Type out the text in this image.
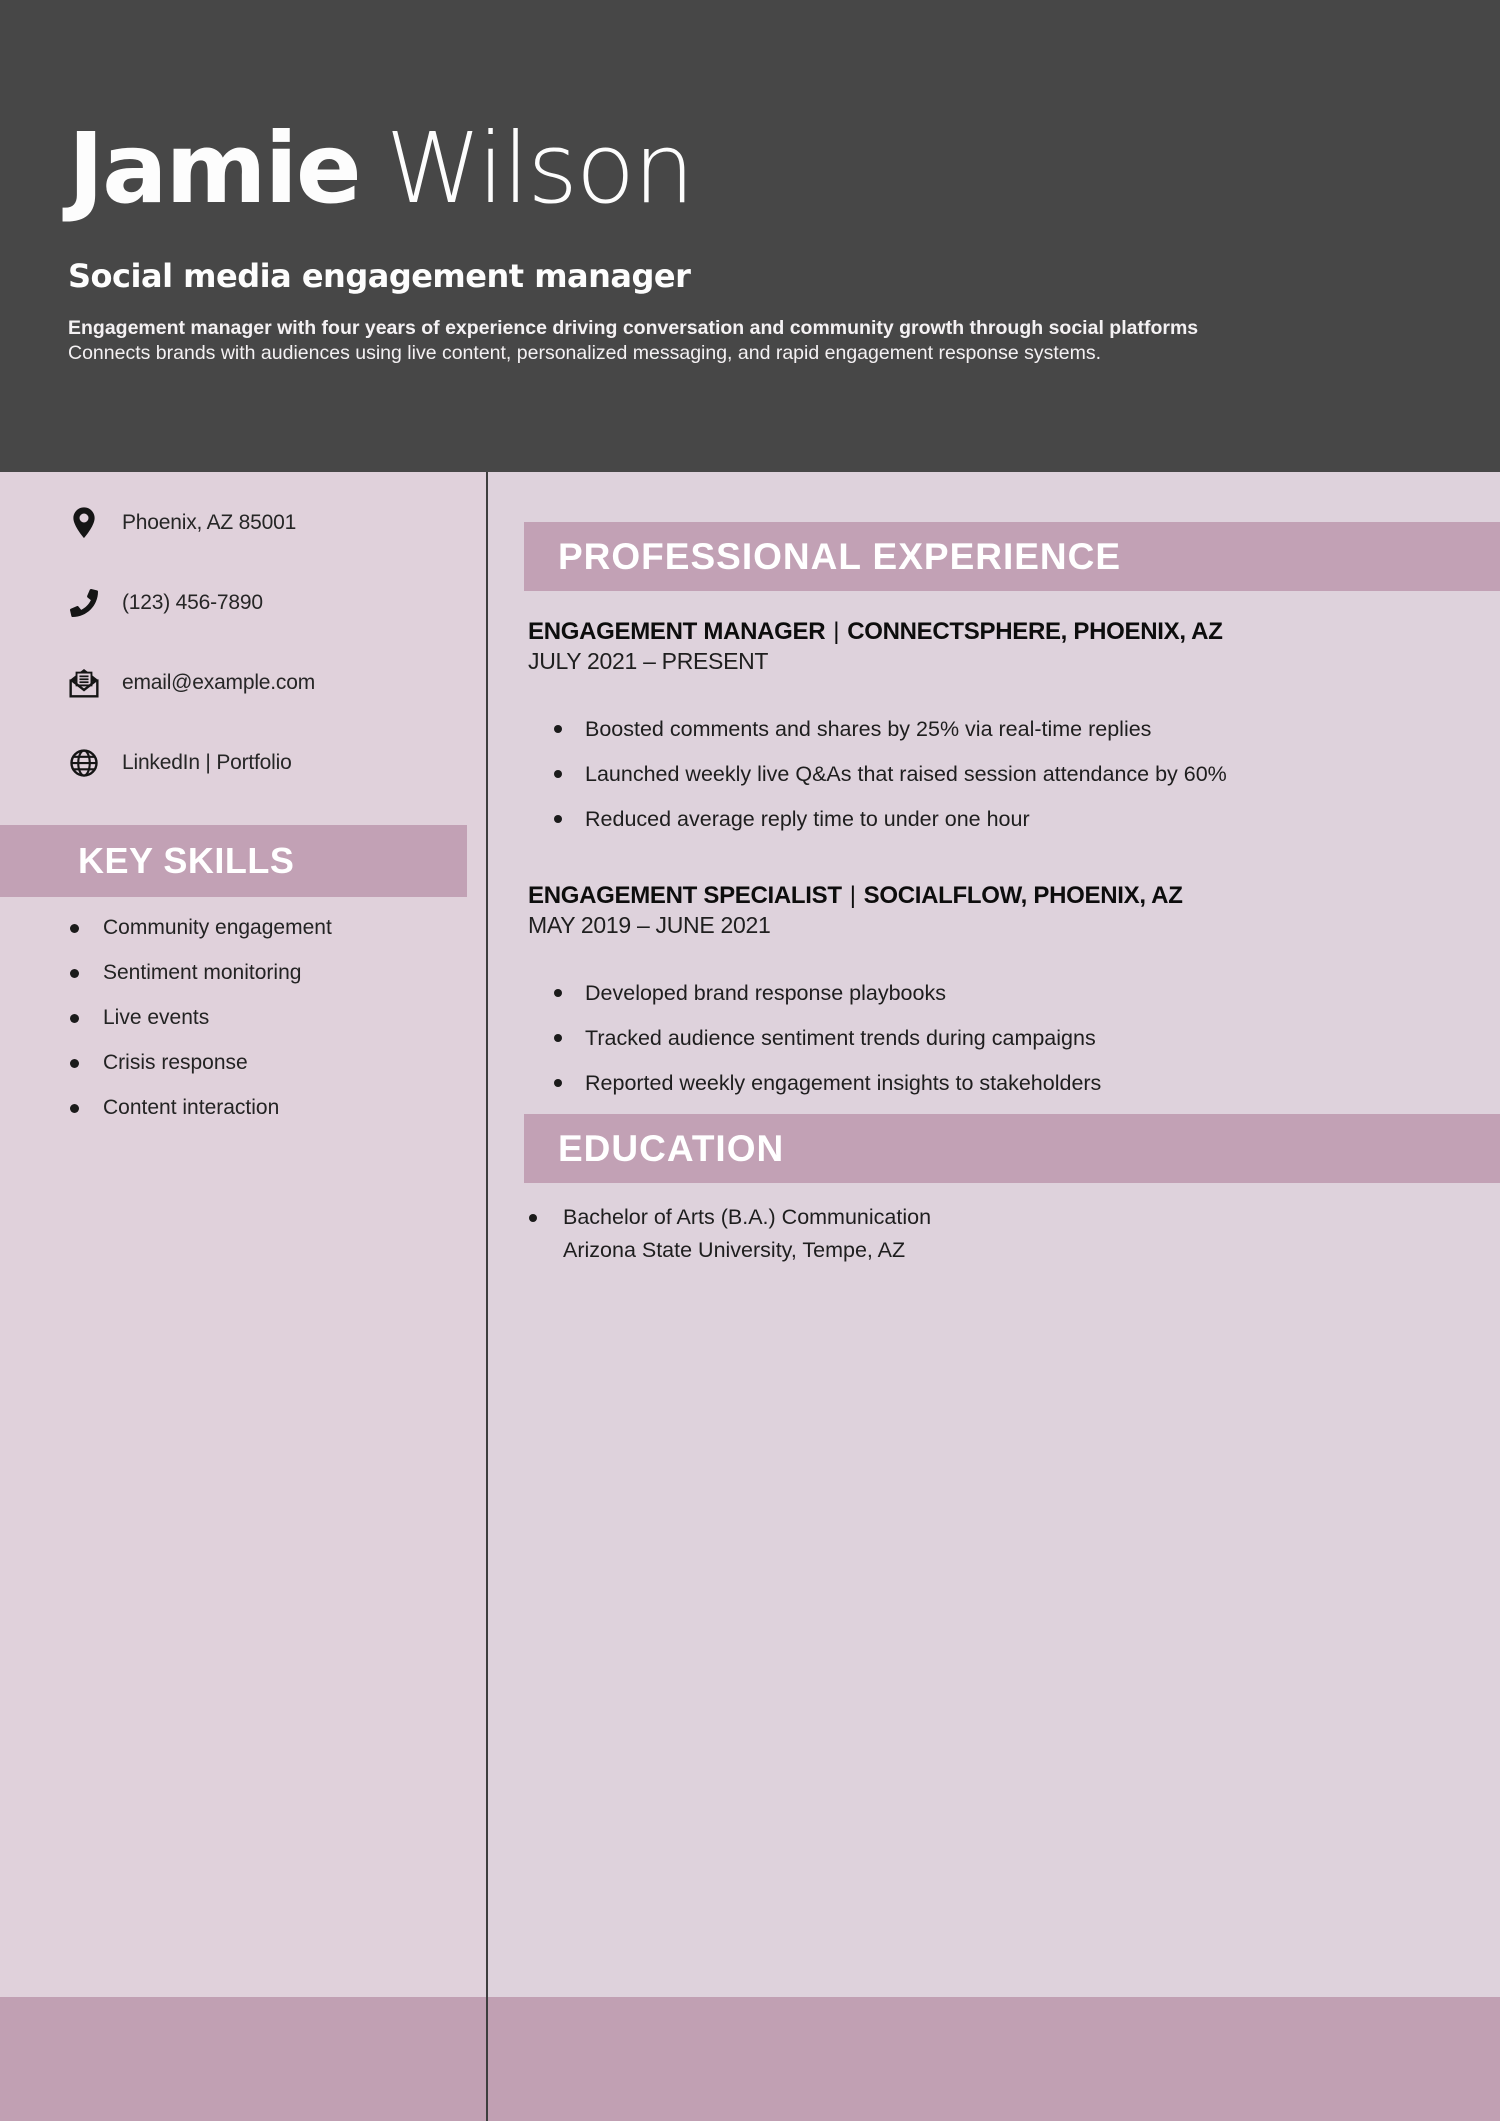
Jamie Wilson
Social media engagement manager
Engagement manager with four years of experience driving conversation and community growth through social platforms
Connects brands with audiences using live content, personalized messaging, and rapid engagement response systems.
Phoenix, AZ 85001
(123) 456-7890
email@example.com
LinkedIn | Portfolio
KEY SKILLS
Community engagement
Sentiment monitoring
Live events
Crisis response
Content interaction
PROFESSIONAL EXPERIENCE
ENGAGEMENT MANAGER | CONNECTSPHERE, PHOENIX, AZ
JULY 2021 – PRESENT
Boosted comments and shares by 25% via real-time replies
Launched weekly live Q&As that raised session attendance by 60%
Reduced average reply time to under one hour
ENGAGEMENT SPECIALIST | SOCIALFLOW, PHOENIX, AZ
MAY 2019 – JUNE 2021
Developed brand response playbooks
Tracked audience sentiment trends during campaigns
Reported weekly engagement insights to stakeholders
EDUCATION
Bachelor of Arts (B.A.) Communication
Arizona State University, Tempe, AZ
